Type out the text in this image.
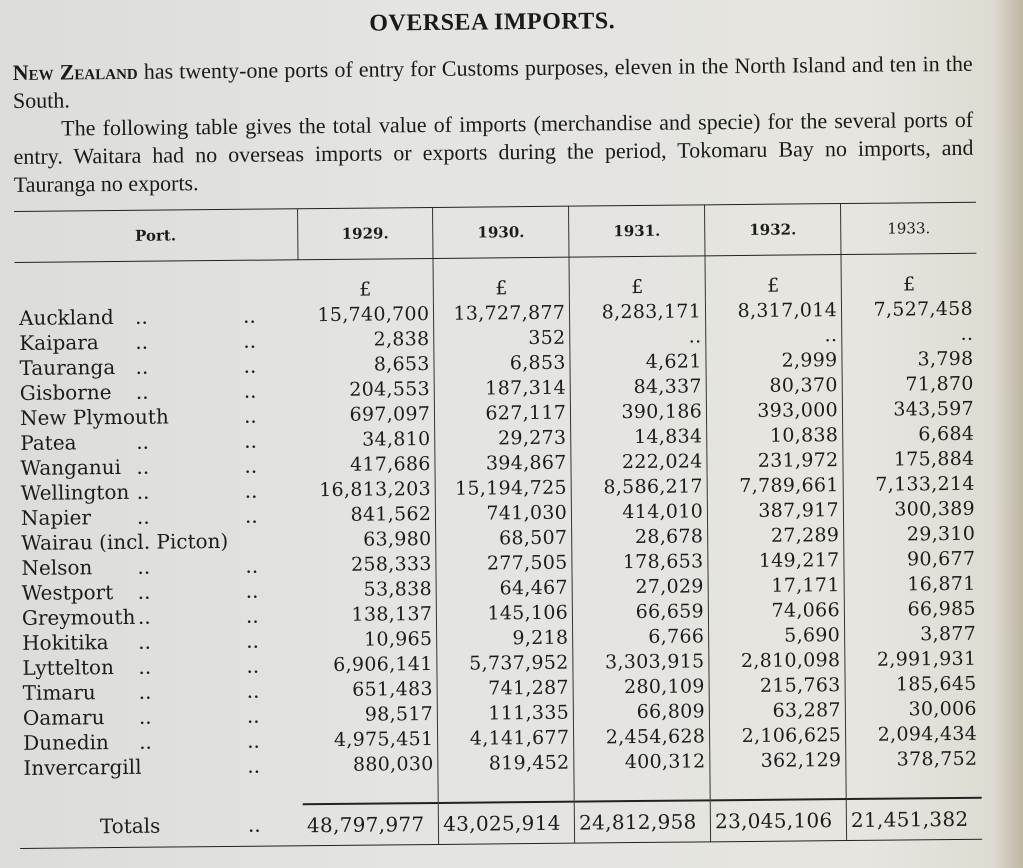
OVERSEA IMPORTS.

New Zealand has twenty-one ports of entry for Customs purposes, eleven in the North Island and ten in the South.

The following table gives the total value of imports (merchandise and specie) for the several ports of entry. Waitara had no overseas imports or exports during the period, Tokomaru Bay no imports, and Tauranga no exports.

Port.	1929.	1930.	1931.	1932.	1933.
	£	£	£	£	£
Auckland .. ..	15,740,700	13,727,877	8,283,171	8,317,014	7,527,458
Kaipara .. ..	2,838	352	..	..	..
Tauranga .. ..	8,653	6,853	4,621	2,999	3,798
Gisborne .. ..	204,553	187,314	84,337	80,370	71,870
New Plymouth ..	697,097	627,117	390,186	393,000	343,597
Patea .. ..	34,810	29,273	14,834	10,838	6,684
Wanganui .. ..	417,686	394,867	222,024	231,972	175,884
Wellington .. ..	16,813,203	15,194,725	8,586,217	7,789,661	7,133,214
Napier .. ..	841,562	741,030	414,010	387,917	300,389
Wairau (incl. Picton)	63,980	68,507	28,678	27,289	29,310
Nelson .. ..	258,333	277,505	178,653	149,217	90,677
Westport .. ..	53,838	64,467	27,029	17,171	16,871
Greymouth .. ..	138,137	145,106	66,659	74,066	66,985
Hokitika .. ..	10,965	9,218	6,766	5,690	3,877
Lyttelton .. ..	6,906,141	5,737,952	3,303,915	2,810,098	2,991,931
Timaru .. ..	651,483	741,287	280,109	215,763	185,645
Oamaru .. ..	98,517	111,335	66,809	63,287	30,006
Dunedin .. ..	4,975,451	4,141,677	2,454,628	2,106,625	2,094,434
Invercargill ..	880,030	819,452	400,312	362,129	378,752

Totals ..	48,797,977	43,025,914	24,812,958	23,045,106	21,451,382
